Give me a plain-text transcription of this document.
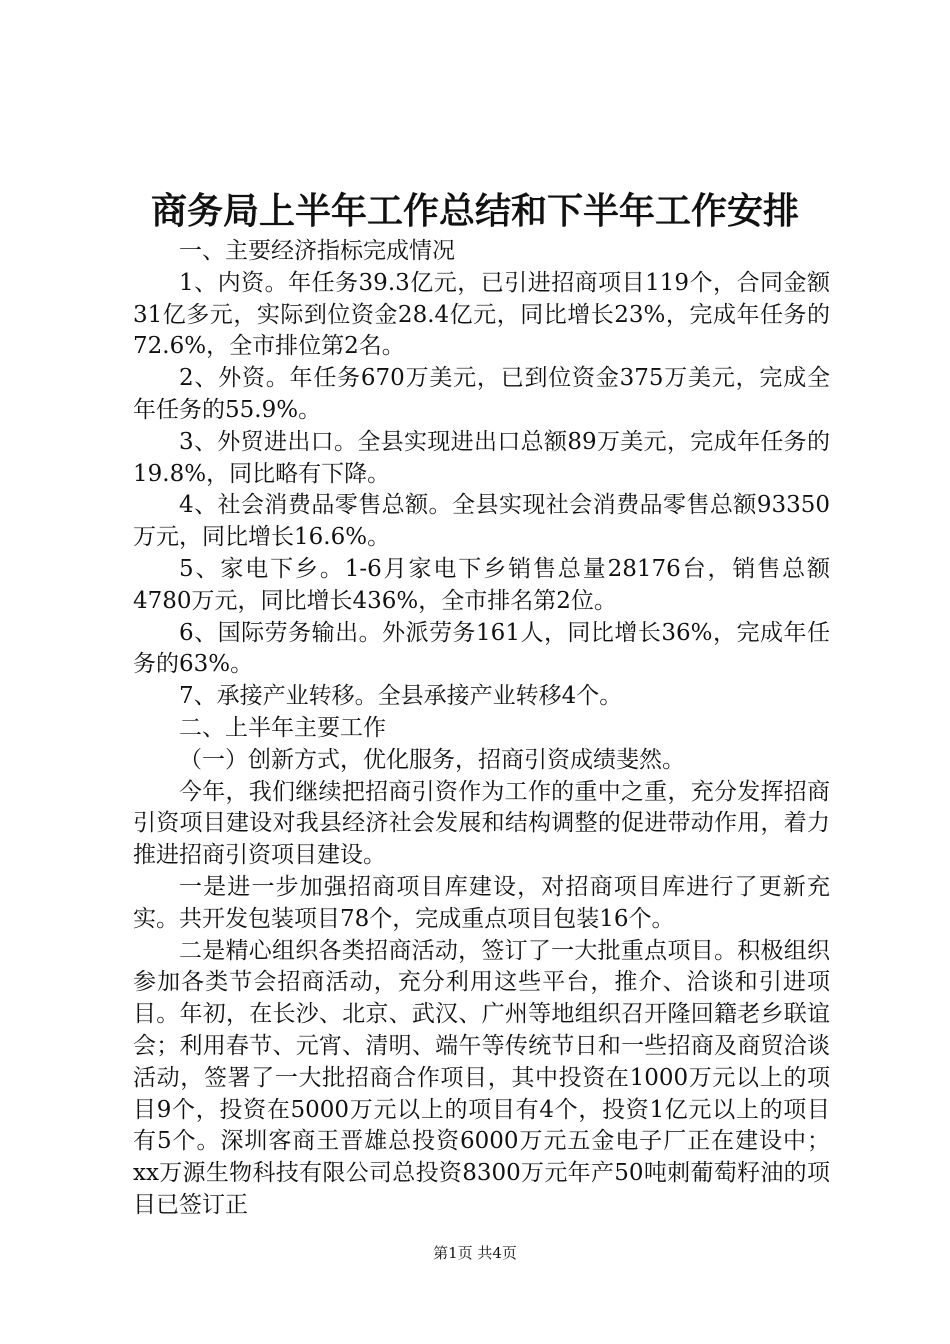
商务局上半年工作总结和下半年工作安排

一、主要经济指标完成情况

1、内资。年任务39.3亿元，已引进招商项目119个，合同金额31亿多元，实际到位资金28.4亿元，同比增长23%，完成年任务的72.6%，全市排位第2名。

2、外资。年任务670万美元，已到位资金375万美元，完成全年任务的55.9%。

3、外贸进出口。全县实现进出口总额89万美元，完成年任务的19.8%，同比略有下降。

4、社会消费品零售总额。全县实现社会消费品零售总额93350万元，同比增长16.6%。

5、家电下乡。1-6月家电下乡销售总量28176台，销售总额4780万元，同比增长436%，全市排名第2位。

6、国际劳务输出。外派劳务161人，同比增长36%，完成年任务的63%。

7、承接产业转移。全县承接产业转移4个。

二、上半年主要工作

（一）创新方式，优化服务，招商引资成绩斐然。

今年，我们继续把招商引资作为工作的重中之重，充分发挥招商引资项目建设对我县经济社会发展和结构调整的促进带动作用，着力推进招商引资项目建设。

一是进一步加强招商项目库建设，对招商项目库进行了更新充实。共开发包装项目78个，完成重点项目包装16个。

二是精心组织各类招商活动，签订了一大批重点项目。积极组织参加各类节会招商活动，充分利用这些平台，推介、洽谈和引进项目。年初，在长沙、北京、武汉、广州等地组织召开隆回籍老乡联谊会；利用春节、元宵、清明、端午等传统节日和一些招商及商贸洽谈活动，签署了一大批招商合作项目，其中投资在1000万元以上的项目9个，投资在5000万元以上的项目有4个，投资1亿元以上的项目有5个。深圳客商王晋雄总投资6000万元五金电子厂正在建设中；xx万源生物科技有限公司总投资8300万元年产50吨刺葡萄籽油的项目已签订正

第1页 共4页
